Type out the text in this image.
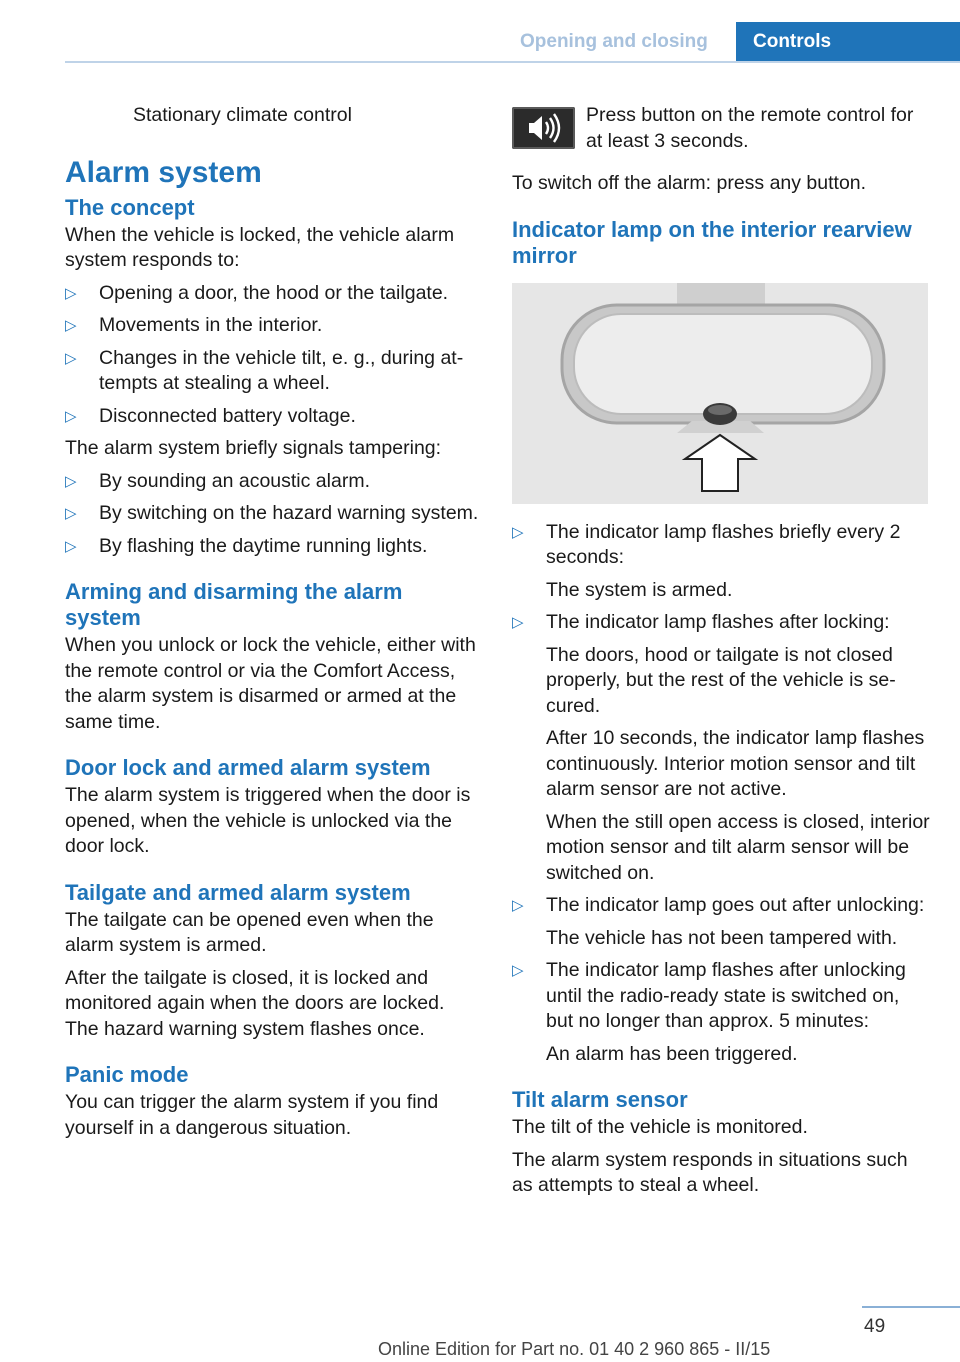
Opening and closing Controls

Stationary climate control

Alarm system
The concept

When the vehicle is locked, the vehicle alarm system responds to:

▷ Opening a door, the hood or the tailgate.
▷ Movements in the interior.
▷ Changes in the vehicle tilt, e. g., during attempts at stealing a wheel.
▷ Disconnected battery voltage.

The alarm system briefly signals tampering:

▷ By sounding an acoustic alarm.
▷ By switching on the hazard warning system.
▷ By flashing the daytime running lights.
Arming and disarming the alarm system

When you unlock or lock the vehicle, either with the remote control or via the Comfort Access, the alarm system is disarmed or armed at the same time.

Door lock and armed alarm system

The alarm system is triggered when the door is opened, when the vehicle is unlocked via the door lock.

Tailgate and armed alarm system

The tailgate can be opened even when the alarm system is armed.

After the tailgate is closed, it is locked and monitored again when the doors are locked. The hazard warning system flashes once.

Panic mode

You can trigger the alarm system if you find yourself in a dangerous situation.

Press button on the remote control for at least 3 seconds.

To switch off the alarm: press any button.

Indicator lamp on the interior rearview mirror
▷ The indicator lamp flashes briefly every 2 seconds:
The system is armed.
▷ The indicator lamp flashes after locking:
The doors, hood or tailgate is not closed properly, but the rest of the vehicle is secured.
After 10 seconds, the indicator lamp flashes continuously. Interior motion sensor and tilt alarm sensor are not active.
When the still open access is closed, interior motion sensor and tilt alarm sensor will be switched on.
▷ The indicator lamp goes out after unlocking:
The vehicle has not been tampered with.
▷ The indicator lamp flashes after unlocking until the radio-ready state is switched on, but no longer than approx. 5 minutes:
An alarm has been triggered.
Tilt alarm sensor

The tilt of the vehicle is monitored.

The alarm system responds in situations such as attempts to steal a wheel.

49
Online Edition for Part no. 01 40 2 960 865 - II/15
